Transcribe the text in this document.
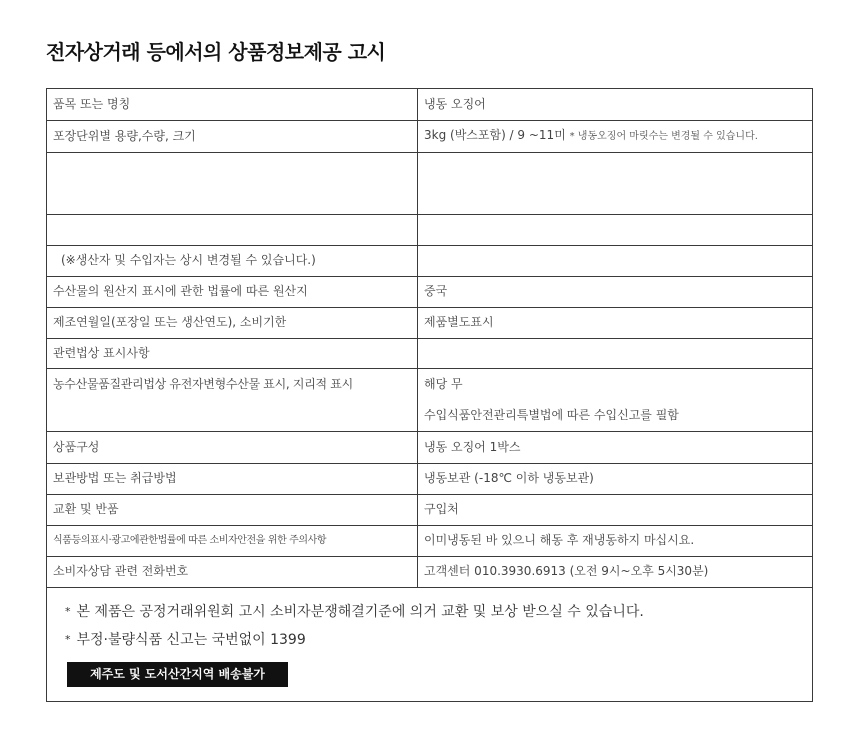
전자상거래 등에서의 상품정보제공 고시
품목 또는 명칭	냉동 오징어
포장단위별 용량,수량, 크기	3kg (박스포함) / 9 ~11미 * 냉동오징어 마릿수는 변경될 수 있습니다.

(※생산자 및 수입자는 상시 변경될 수 있습니다.)	
수산물의 원산지 표시에 관한 법률에 따른 원산지	중국
제조연월일(포장일 또는 생산연도), 소비기한	제품별도표시
관련법상 표시사항	
농수산물품질관리법상 유전자변형수산물 표시, 지리적 표시	해당 무
수입식품안전관리특별법에 따른 수입신고를 필함

상품구성	냉동 오징어 1박스
보관방법 또는 취급방법	냉동보관 (-18℃ 이하 냉동보관)
교환 및 반품	구입처
식품등의표시·광고에관한법률에 따른 소비자안전을 위한 주의사항	이미냉동된 바 있으니 해동 후 재냉동하지 마십시요.
소비자상담 관련 전화번호	고객센터 010.3930.6913 (오전 9시~오후 5시30분)
* 본 제품은 공정거래위원회 고시 소비자분쟁해결기준에 의거 교환 및 보상 받으실 수 있습니다.
* 부정·불량식품 신고는 국번없이 1399
제주도 및 도서산간지역 배송불가
